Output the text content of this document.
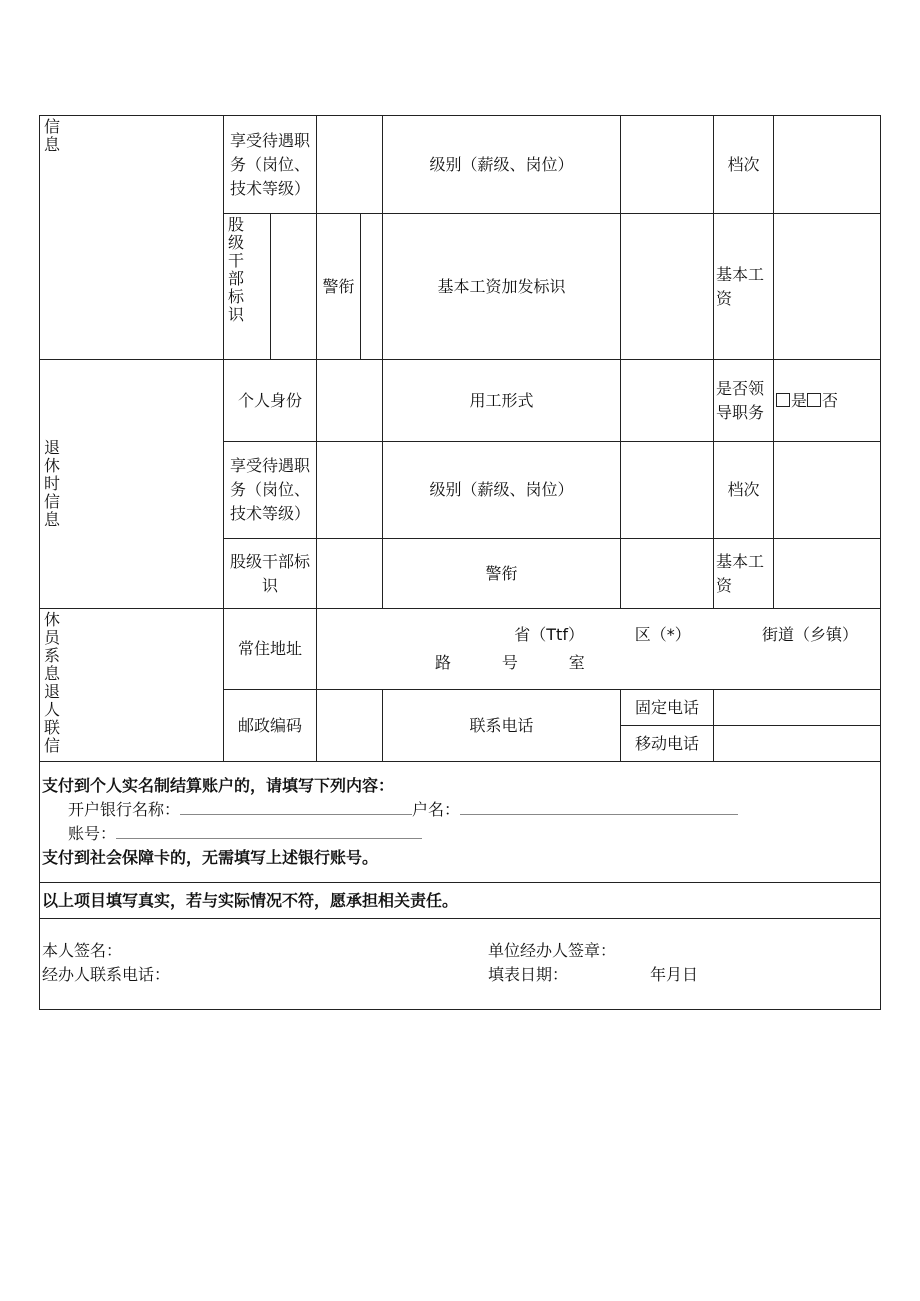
信息	享受待遇职务（岗位、技术等级）				级别（薪级、岗位）		档次	

	股级干部标识		警衔		基本工资加发标识		基本工资	

退休时信息	个人身份				用工形式		是否领导职务	是 否
	享受待遇职务（岗位、技术等级）				级别（薪级、岗位）		档次	
	股级干部标识				警衔		基本工资	

休员系息退人联信	常住地址		省（Ttf）          区（*）              街道（乡镇）
路          号          室					

	邮政编码				联系电话	固定电话		
						移动电话		

支付到个人实名制结算账户的，请填写下列内容：
开户银行名称： 户名：
账号：
支付到社会保障卡的，无需填写上述银行账号。								

以上项目填写真实，若与实际情况不符，愿承担相关责任。								

本人签名： 单位经办人签章：
经办人联系电话： 填表日期： 年月日								
